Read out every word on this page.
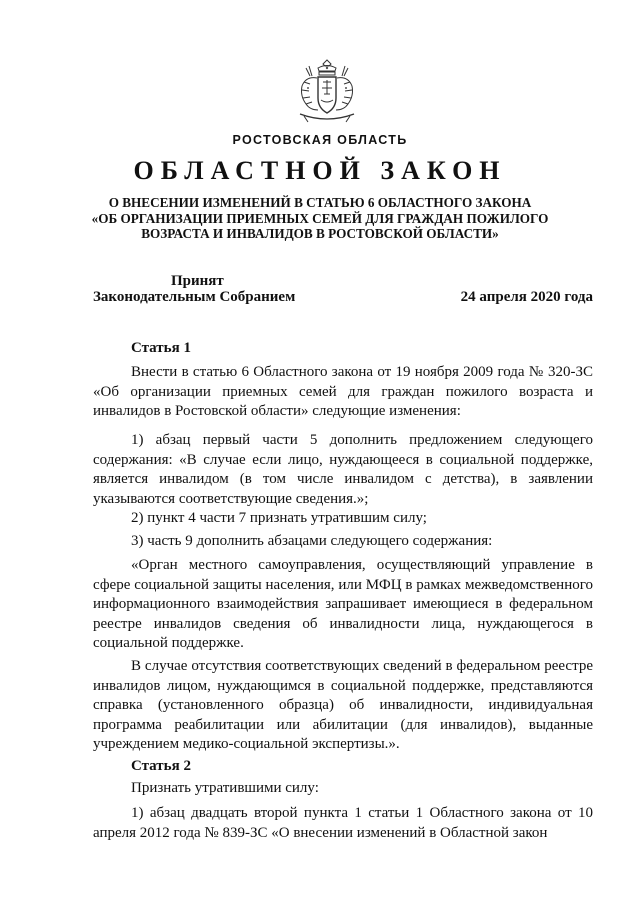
РОСТОВСКАЯ ОБЛАСТЬ
ОБЛАСТНОЙ ЗАКОН
О ВНЕСЕНИИ ИЗМЕНЕНИЙ В СТАТЬЮ 6 ОБЛАСТНОГО ЗАКОНА
«ОБ ОРГАНИЗАЦИИ ПРИЕМНЫХ СЕМЕЙ ДЛЯ ГРАЖДАН ПОЖИЛОГО
ВОЗРАСТА И ИНВАЛИДОВ В РОСТОВСКОЙ ОБЛАСТИ»
Принят
Законодательным Собранием	24 апреля 2020 года
Статья 1
Внести в статью 6 Областного закона от 19 ноября 2009 года № 320-ЗС «Об организации приемных семей для граждан пожилого возраста и инвалидов в Ростовской области» следующие изменения:
1) абзац первый части 5 дополнить предложением следующего содержания: «В случае если лицо, нуждающееся в социальной поддержке, является инвалидом (в том числе инвалидом с детства), в заявлении указываются соответствующие сведения.»;
2) пункт 4 части 7 признать утратившим силу;
3) часть 9 дополнить абзацами следующего содержания:
«Орган местного самоуправления, осуществляющий управление в сфере социальной защиты населения, или МФЦ в рамках межведомственного информационного взаимодействия запрашивает имеющиеся в федеральном реестре инвалидов сведения об инвалидности лица, нуждающегося в социальной поддержке.
В случае отсутствия соответствующих сведений в федеральном реестре инвалидов лицом, нуждающимся в социальной поддержке, представляются справка (установленного образца) об инвалидности, индивидуальная программа реабилитации или абилитации (для инвалидов), выданные учреждением медико-социальной экспертизы.».
Статья 2
Признать утратившими силу:
1) абзац двадцать второй пункта 1 статьи 1 Областного закона от 10 апреля 2012 года № 839-ЗС «О внесении изменений в Областной закон
